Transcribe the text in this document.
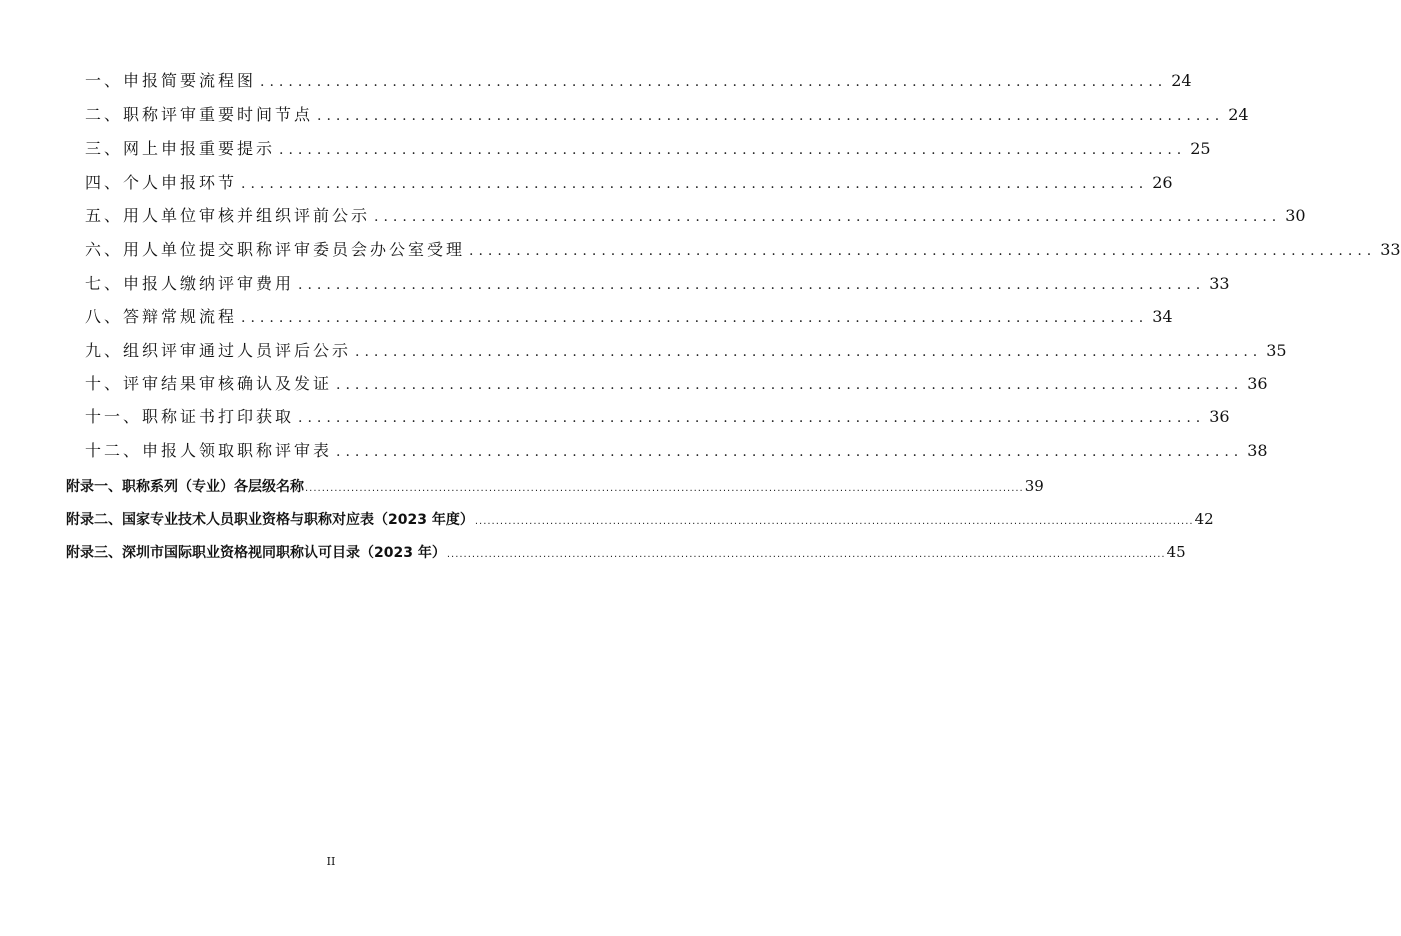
一、申报简要流程图 ................................................................................................ 24
二、职称评审重要时间节点 ................................................................................................ 24
三、网上申报重要提示 ................................................................................................ 25
四、个人申报环节 ................................................................................................ 26
五、用人单位审核并组织评前公示 ................................................................................................ 30
六、用人单位提交职称评审委员会办公室受理 ................................................................................................ 33
七、申报人缴纳评审费用 ................................................................................................ 33
八、答辩常规流程 ................................................................................................ 34
九、组织评审通过人员评后公示 ................................................................................................ 35
十、评审结果审核确认及发证 ................................................................................................ 36
十一、职称证书打印获取 ................................................................................................ 36
十二、申报人领取职称评审表 ................................................................................................ 38
附录一、职称系列（专业）各层级名称 ............................................................................................................................................................................ 39
附录二、国家专业技术人员职业资格与职称对应表（2023 年度） ............................................................................................................................................................................ 42
附录三、深圳市国际职业资格视同职称认可目录（2023 年） ............................................................................................................................................................................ 45
II
